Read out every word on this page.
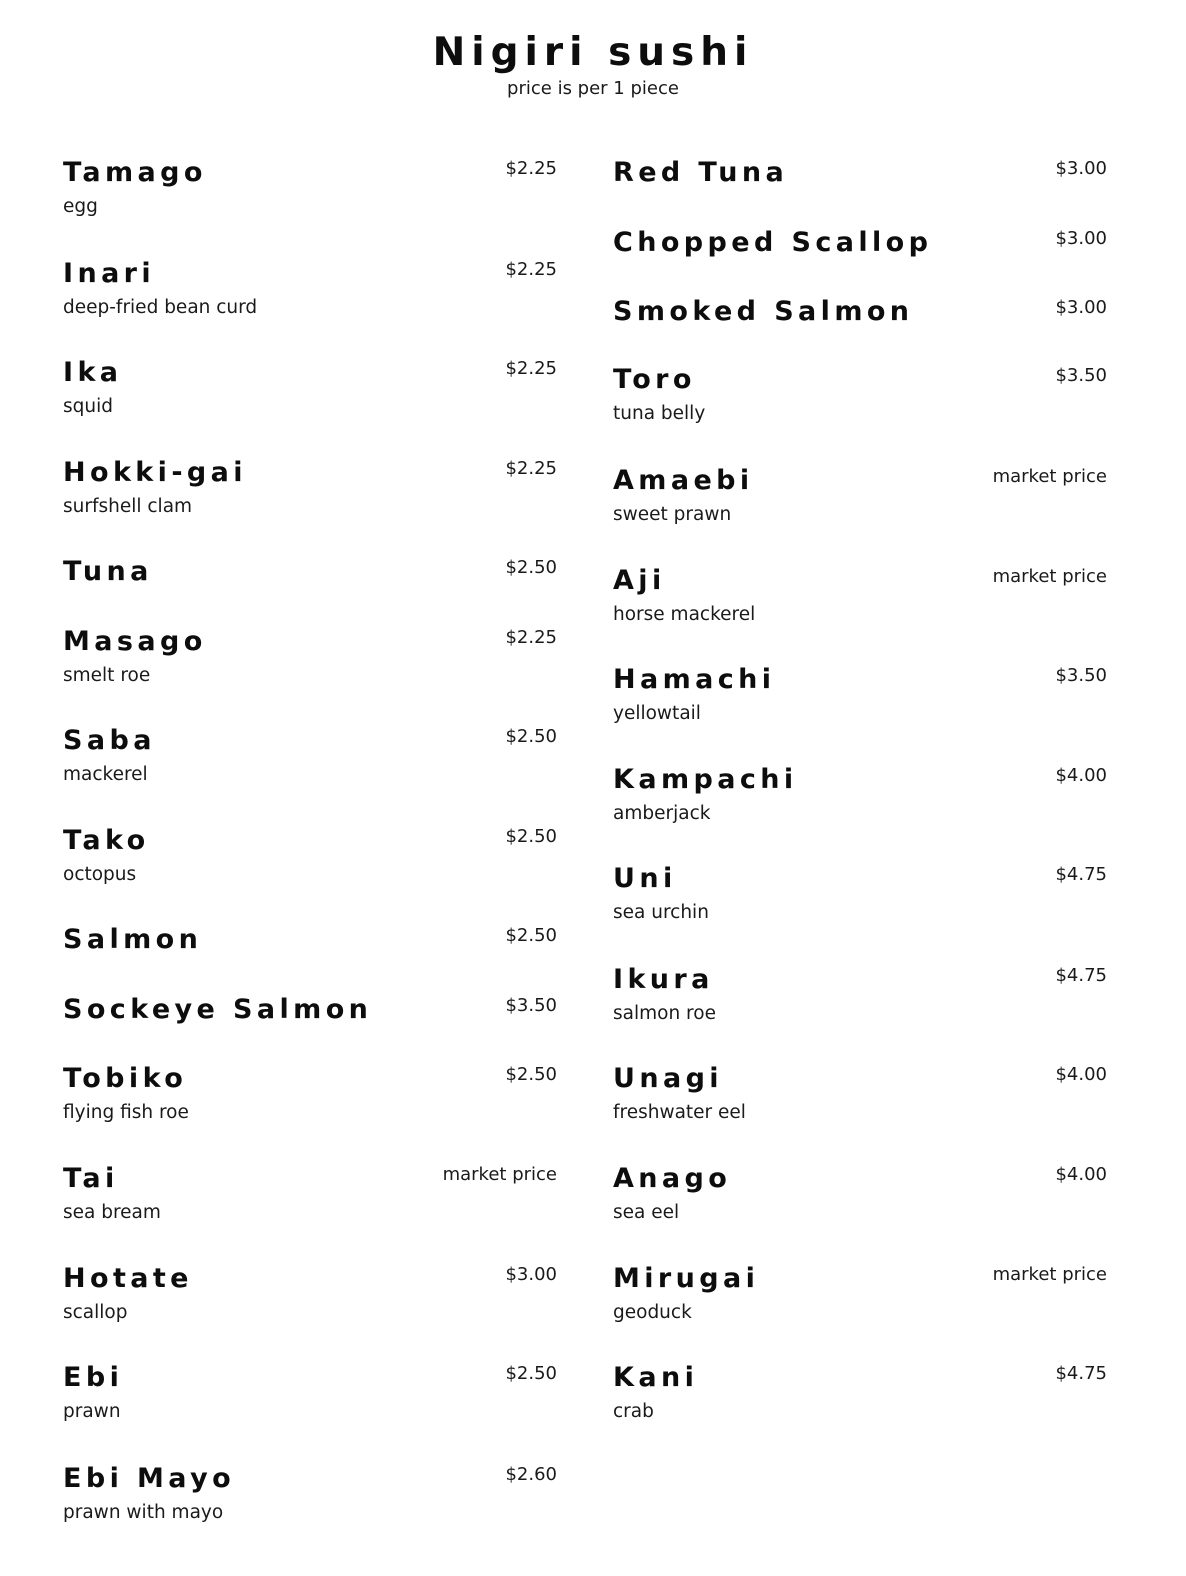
Nigiri sushi

price is per 1 piece

Tamago	$2.25
egg
Inari	$2.25
deep-fried bean curd
Ika	$2.25
squid
Hokki-gai	$2.25
surfshell clam
Tuna	$2.50
Masago	$2.25
smelt roe
Saba	$2.50
mackerel
Tako	$2.50
octopus
Salmon	$2.50
Sockeye Salmon	$3.50
Tobiko	$2.50
flying fish roe
Tai	market price
sea bream
Hotate	$3.00
scallop
Ebi	$2.50
prawn
Ebi Mayo	$2.60
prawn with mayo
Red Tuna	$3.00
Chopped Scallop	$3.00
Smoked Salmon	$3.00
Toro	$3.50
tuna belly
Amaebi	market price
sweet prawn
Aji	market price
horse mackerel
Hamachi	$3.50
yellowtail
Kampachi	$4.00
amberjack
Uni	$4.75
sea urchin
Ikura	$4.75
salmon roe
Unagi	$4.00
freshwater eel
Anago	$4.00
sea eel
Mirugai	market price
geoduck
Kani	$4.75
crab
